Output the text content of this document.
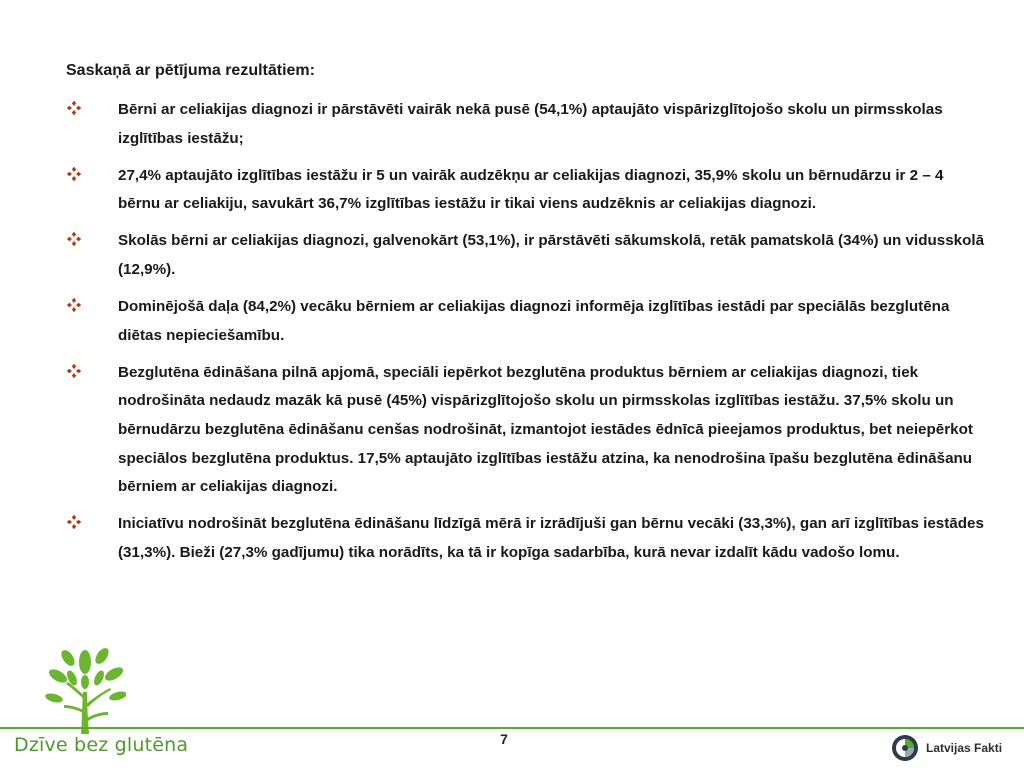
Saskaņā ar pētījuma rezultātiem:

Bērni ar celiakijas diagnozi ir pārstāvēti vairāk nekā pusē (54,1%) aptaujāto vispārizglītojošo skolu un pirmsskolas izglītības iestāžu;
27,4% aptaujāto izglītības iestāžu ir 5 un vairāk audzēkņu ar celiakijas diagnozi, 35,9% skolu un bērnudārzu ir 2 – 4 bērnu ar celiakiju, savukārt 36,7% izglītības iestāžu ir tikai viens audzēknis ar celiakijas diagnozi.
Skolās bērni ar celiakijas diagnozi, galvenokārt (53,1%), ir pārstāvēti sākumskolā, retāk pamatskolā (34%) un vidusskolā (12,9%).
Dominējošā daļa (84,2%) vecāku bērniem ar celiakijas diagnozi informēja izglītības iestādi par speciālās bezglutēna diētas nepieciešamību.
Bezglutēna ēdināšana pilnā apjomā, speciāli iepērkot bezglutēna produktus bērniem ar celiakijas diagnozi, tiek nodrošināta nedaudz mazāk kā pusē (45%) vispārizglītojošo skolu un pirmsskolas izglītības iestāžu. 37,5% skolu un bērnudārzu bezglutēna ēdināšanu cenšas nodrošināt, izmantojot iestādes ēdnīcā pieejamos produktus, bet neiepērkot speciālos bezglutēna produktus. 17,5% aptaujāto izglītības iestāžu atzina, ka nenodrošina īpašu bezglutēna ēdināšanu bērniem ar celiakijas diagnozi.
Iniciatīvu nodrošināt bezglutēna ēdināšanu līdzīgā mērā ir izrādījuši gan bērnu vecāki (33,3%), gan arī izglītības iestādes (31,3%). Bieži (27,3% gadījumu) tika norādīts, ka tā ir kopīga sadarbība, kurā nevar izdalīt kādu vadošo lomu.
Dzīve bez glutēna	7
Latvijas Fakti
